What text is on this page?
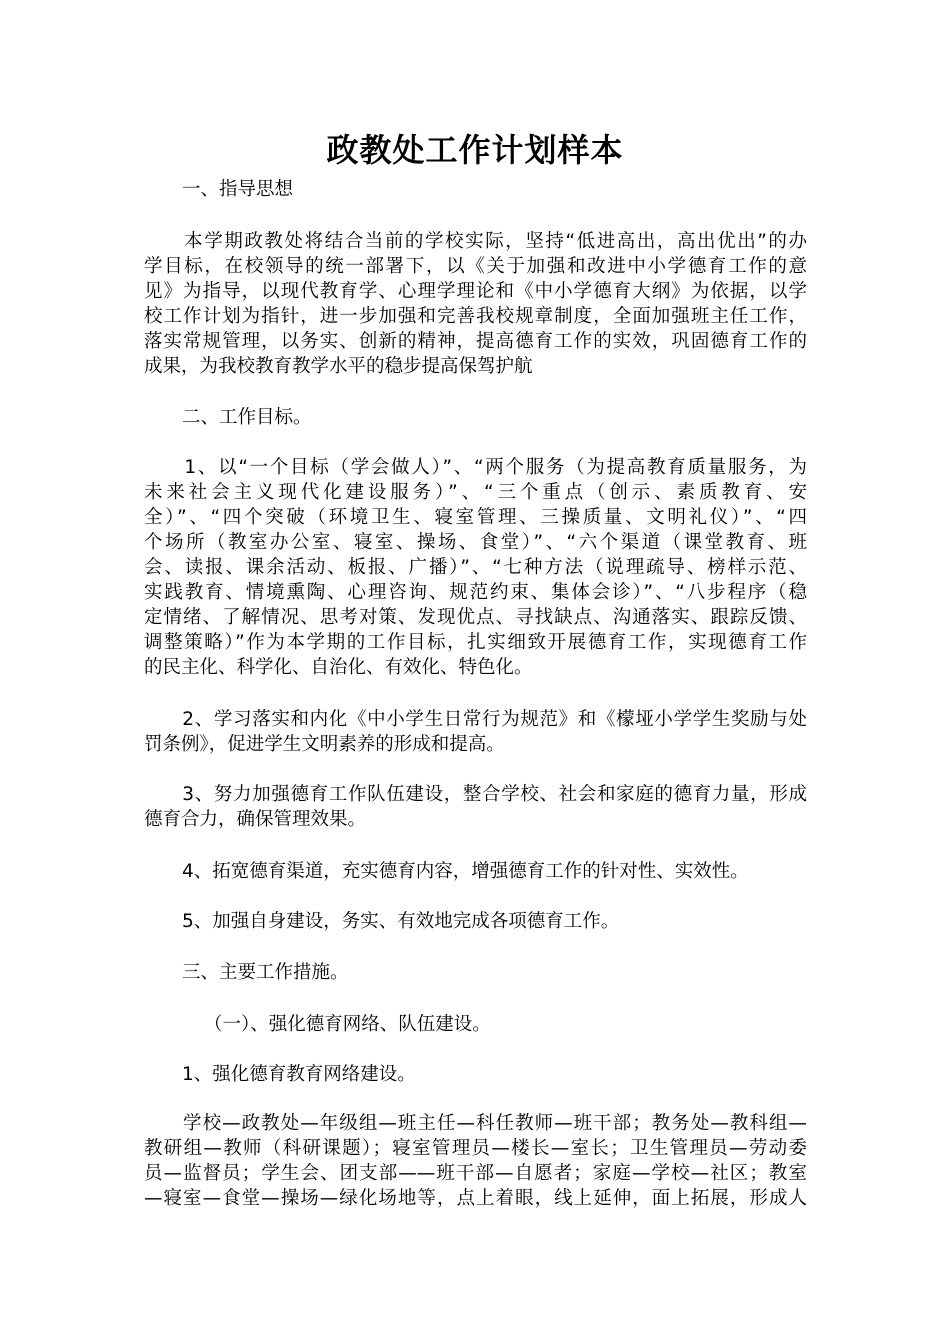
政教处工作计划样本
一、指导思想
　　本学期政教处将结合当前的学校实际，坚持“低进高出，高出优出”的办
学目标，在校领导的统一部署下，以《关于加强和改进中小学德育工作的意
见》为指导，以现代教育学、心理学理论和《中小学德育大纲》为依据，以学
校工作计划为指针，进一步加强和完善我校规章制度，全面加强班主任工作，
落实常规管理，以务实、创新的精神，提高德育工作的实效，巩固德育工作的
成果，为我校教育教学水平的稳步提高保驾护航
二、工作目标。
　　1、以“一个目标（学会做人）”、“两个服务（为提高教育质量服务，为
未来社会主义现代化建设服务）”、“三个重点（创示、素质教育、安
全）”、“四个突破（环境卫生、寝室管理、三操质量、文明礼仪）”、“四
个场所（教室办公室、寝室、操场、食堂）”、“六个渠道（课堂教育、班
会、读报、课余活动、板报、广播）”、“七种方法（说理疏导、榜样示范、
实践教育、情境熏陶、心理咨询、规范约束、集体会诊）”、“八步程序（稳
定情绪、了解情况、思考对策、发现优点、寻找缺点、沟通落实、跟踪反馈、
调整策略）”作为本学期的工作目标，扎实细致开展德育工作，实现德育工作
的民主化、科学化、自治化、有效化、特色化。
　　2、学习落实和内化《中小学生日常行为规范》和《檬垭小学学生奖励与处
罚条例》，促进学生文明素养的形成和提高。
　　3、努力加强德育工作队伍建设，整合学校、社会和家庭的德育力量，形成
德育合力，确保管理效果。
4、拓宽德育渠道，充实德育内容，增强德育工作的针对性、实效性。
5、加强自身建设，务实、有效地完成各项德育工作。
三、主要工作措施。
（一）、强化德育网络、队伍建设。
1、强化德育教育网络建设。
　　学校—政教处—年级组—班主任—科任教师—班干部；教务处—教科组—
教研组—教师（科研课题）；寝室管理员—楼长—室长；卫生管理员—劳动委
员—监督员；学生会、团支部——班干部—自愿者；家庭—学校—社区；教室
—寝室—食堂—操场—绿化场地等，点上着眼，线上延伸，面上拓展，形成人
